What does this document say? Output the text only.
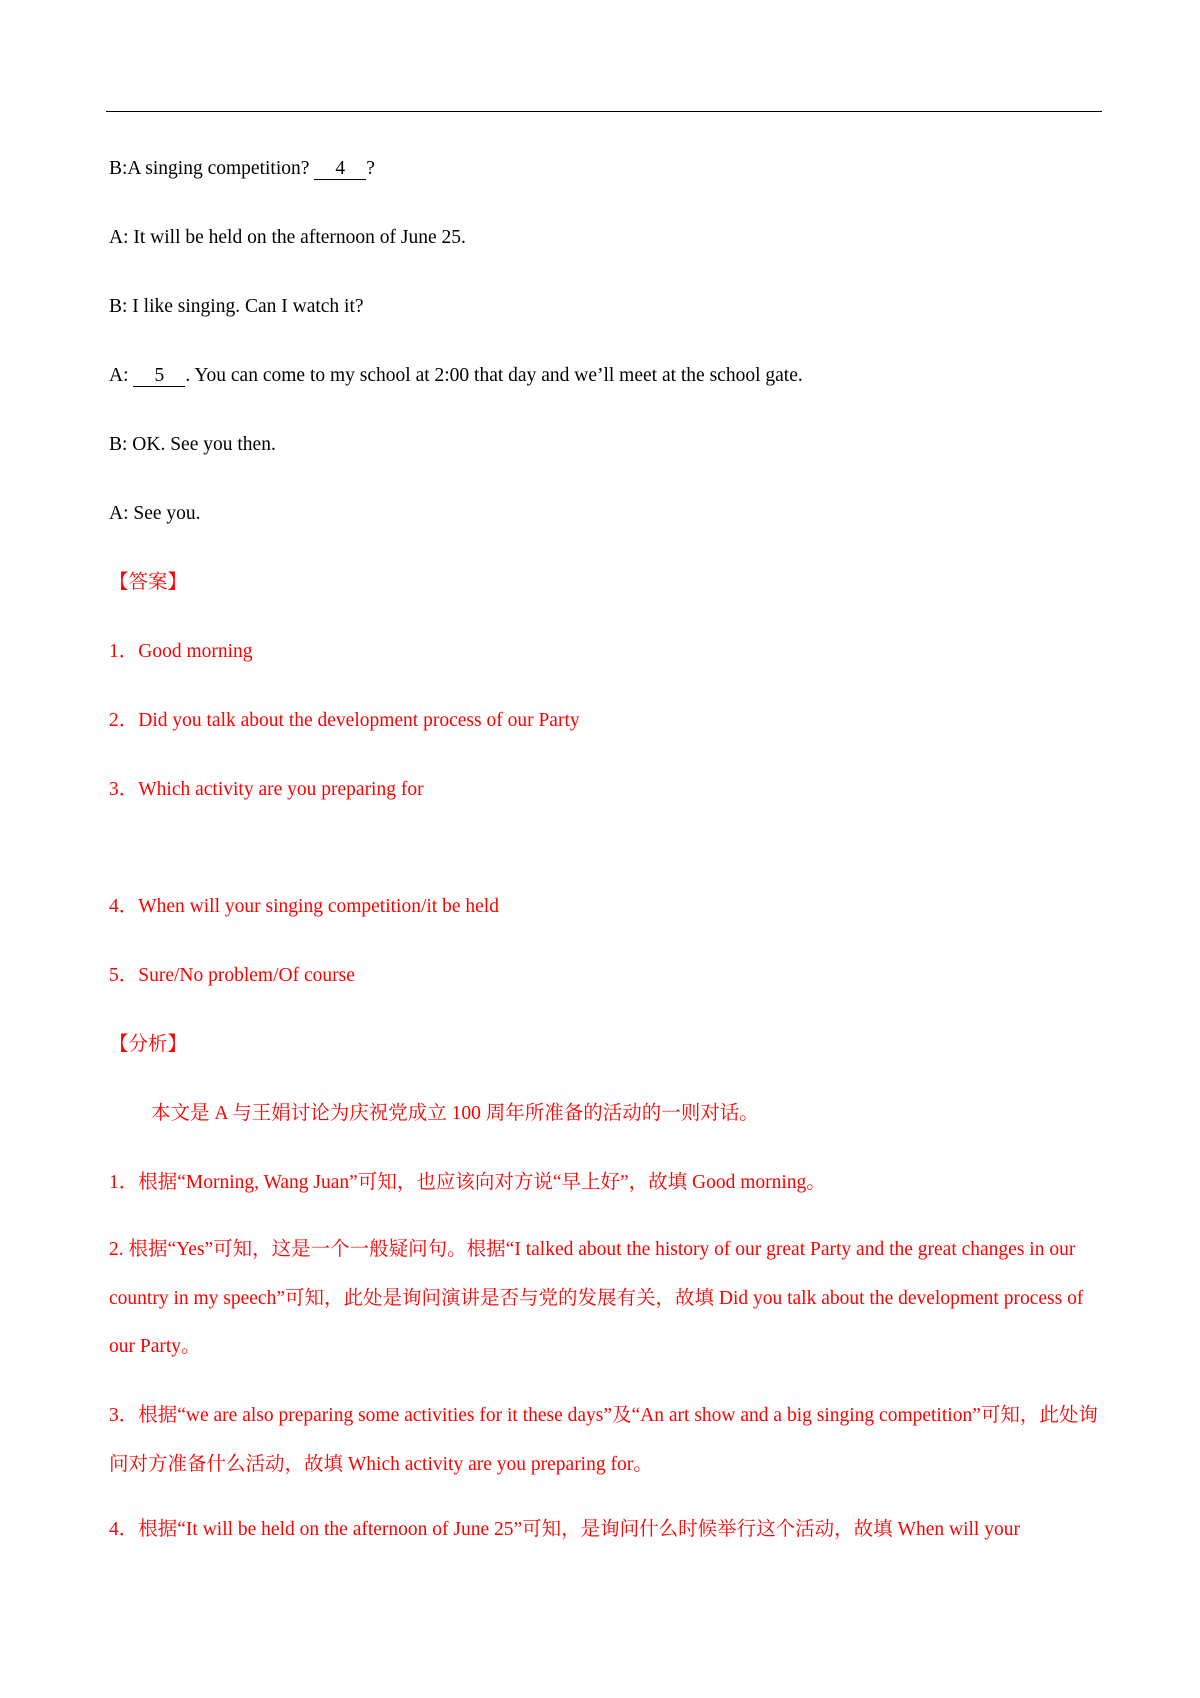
B:A singing competition? 4 ?
A: It will be held on the afternoon of June 25.
B: I like singing. Can I watch it?
A: 5 . You can come to my school at 2:00 that day and we’ll meet at the school gate.
B: OK. See you then.
A: See you.
【答案】
1．Good morning
2．Did you talk about the development process of our Party
3．Which activity are you preparing for
4．When will your singing competition/it be held
5．Sure/No problem/Of course
【分析】
本文是 A 与王娟讨论为庆祝党成立 100 周年所准备的活动的一则对话。
1．根据“Morning, Wang Juan”可知，也应该向对方说“早上好”，故填 Good morning。
2. 根据“Yes”可知，这是一个一般疑问句。根据“I talked about the history of our great Party and the great changes in our country in my speech”可知，此处是询问演讲是否与党的发展有关，故填 Did you talk about the development process of our Party。
3．根据“we are also preparing some activities for it these days”及“An art show and a big singing competition”可知，此处询问对方准备什么活动，故填 Which activity are you preparing for。
4．根据“It will be held on the afternoon of June 25”可知，是询问什么时候举行这个活动，故填 When will your
